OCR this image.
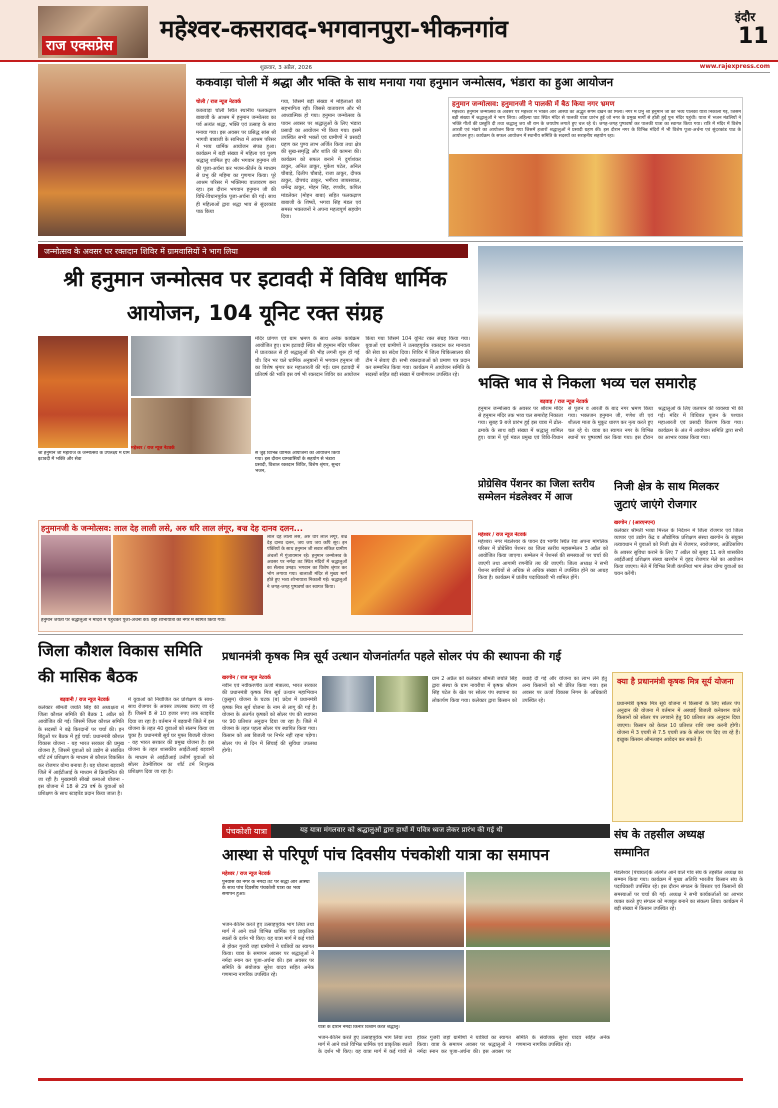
राज एक्सप्रेस
महेश्वर-कसरावद-भगवानपुरा-भीकनगांव	इंदौर
11
शुक्रवार, 3 अप्रैल, 2026	www.rajexpress.com
ककवाड़ा चोली में श्रद्धा और भक्ति के साथ मनाया गया हनुमान जन्मोत्सव, भंडारा का हुआ आयोजन
चोली / राज न्यूज नेटवर्क
ककवाड़ा चोली स्थित स्थानीय फलकढ़ाण बाबाजी के आश्रम में हनुमान जन्मोत्सव का पर्व अत्यंत श्रद्धा, भक्ति एवं उत्साह के साथ मनाया गया। इस अवसर पर प्रसिद्ध सांस श्री भागवी बाबाजी के सानिध्य में आश्रम परिसर में भव्य धार्मिक आयोजन संपन्न हुआ। कार्यक्रम में बड़ी संख्या में महिला एवं पुरुष श्रद्धालु शामिल हुए और भगवान हनुमान जी की पूजा-अर्चना कर भजन-कीर्तन के माध्यम से प्रभु की महिमा का गुणगान किया। पूरे आश्रम परिसर में भक्तिमय वातावरण बना रहा। इस दौरान भगवान हनुमान जी की विधि-विधानपूर्वक पूजा-अर्चना की गई। साथ ही महिलाओं द्वारा श्रद्धा भाव से सुंदरकांड पाठ किया
गया, जिसमें बड़ी संख्या में महिलाओं की सहभागिता रही। जिससे वातावरण और भी आध्यात्मिक हो गया। हनुमान जन्मोत्सव के पावन अवसर पर श्रद्धालुओं के लिए भंडारा प्रसादी का आयोजन भी किया गया। इसमें उपस्थित सभी भक्तों एवं ग्रामीणों ने प्रसादी ग्रहण कर पुण्य लाभ अर्जित किया तथा क्षेत्र की सुख-समृद्धि और शांति की कामना की। कार्यक्रम को सफल बनाने में दुर्गाशंकर ठाकुर, अनिल ठाकुर, मुकेश पटेल, अनिल चौबाड़े, दिलीप चौबाड़े, राजा ठाकुर, दीपक ठाकुर, दीपचंद ठाकुर, भगीरथ जायसवाल, धर्मेन्द्र ठाकुर, मोहन सिंह, रणधीर, कपिल मांडलेकर (मोहन बाबा) सहित फलकढ़ाण बाबाजी के शिष्यों, भगवा सिंह मंडल एवं समस्त भक्तजनों ने अपना महत्वपूर्ण सहयोग दिया।
हनुमान जन्मोत्सव: हनुमानजी ने पालकी में बैठ किया नगर भ्रमण
महेश्वर। हनुमान जन्मोत्सव के अवसर पर महेश्वर में भक्ति और आस्था का अद्भुत संगम देखने को मिला। नगर में प्रभु श्री हनुमान जी की भव्य पालकी यात्रा निकाली गई, जिसमें बड़ी संख्या में श्रद्धालुओं ने भाग लिया। अहिल्या घाट स्थित मंदिर से पालकी यात्रा प्रारंभ हुई जो नगर के प्रमुख मार्गों से होती हुई पुनः मंदिर पहुंची। यात्रा में भजन मंडलियों ने भक्ति गीतों की प्रस्तुति दी तथा श्रद्धालु जय श्री राम के जयघोष लगाते हुए चल रहे थे। जगह-जगह पुष्पवर्षा कर पालकी यात्रा का स्वागत किया गया। रात्रि में मंदिर में विशेष आरती एवं भंडारे का आयोजन किया गया जिसमें हजारों श्रद्धालुओं ने प्रसादी ग्रहण की। इस दौरान नगर के विभिन्न मंदिरों में भी विशेष पूजा-अर्चना एवं सुंदरकांड पाठ के आयोजन हुए। कार्यक्रम के सफल आयोजन में स्थानीय समिति के सदस्यों का सराहनीय सहयोग रहा।
जन्मोत्सव के अवसर पर रक्तदान शिविर में ग्रामवासियों ने भाग लिया
श्री हनुमान जन्मोत्सव पर इटावदी में विविध धार्मिक आयोजन, 104 यूनिट रक्त संग्रह
महेश्वर / राज न्यूज नेटवर्क
श्री हनुमान जी महाराज के जन्मोत्सव के उपलक्ष्य में ग्राम इटावदी में भक्ति और सेवा
से जुड़े विभिन्न धार्मिक आयोजनों का आयोजन किया गया। इस दौरान ग्रामवासियों के सहयोग से भंडारा प्रसादी, विशाल रक्तदान शिविर, विशेष श्रृंगार, सुन्दर भजन,
मंदिर प्रांगण एवं ग्राम भ्रमण के साथ अनेक कार्यक्रम आयोजित हुए। ग्राम इटावदी स्थित श्री हनुमान मंदिर परिसर में प्रातःकाल से ही श्रद्धालुओं की भीड़ लगनी शुरू हो गई थी। दिन भर चले धार्मिक अनुष्ठानों में भगवान हनुमान जी का विशेष श्रृंगार कर महाआरती की गई। ग्राम इटावदी में प्रतिवर्ष की भांति इस वर्ष भी रक्तदान शिविर का आयोजन किया गया जिसमें 104 यूनिट रक्त संग्रह किया गया। युवाओं एवं ग्रामीणों ने उत्साहपूर्वक रक्तदान कर मानवता की सेवा का संदेश दिया। शिविर में जिला चिकित्सालय की टीम ने सेवाएं दीं। सभी रक्तदाताओं को प्रमाण पत्र प्रदान कर सम्मानित किया गया। कार्यक्रम में आयोजन समिति के सदस्यों सहित बड़ी संख्या में ग्रामीणजन उपस्थित रहे।	भक्ति भाव से निकला भव्य चल समारोह
बड़वाह / राज न्यूज नेटवर्क
हनुमान जन्मोत्सव के अवसर पर श्रीराम मंदिर से हनुमान मंदिर तक भव्य चल समारोह निकाला गया। सुबह 9 बजे प्रारंभ हुई इस यात्रा में ढोल-ढमाके के साथ बड़ी संख्या में श्रद्धालु शामिल हुए। यात्रा में पूर्व मंडल प्रमुख एवं विधि-विधान से पूजन व आरती के बाद नगर भ्रमण किया गया। भक्तजन हनुमान जी, गणेश जी एवं शीतला माता के मुकुट धारण कर नृत्य करते हुए चल रहे थे। यात्रा का स्वागत नगर के विभिन्न स्थानों पर पुष्पवर्षा कर किया गया। इस दौरान श्रद्धालुओं के लिए जलपान की व्यवस्था भी की गई। मंदिर में विधिवत पूजन के पश्चात महाआरती एवं प्रसादी वितरण किया गया। कार्यक्रम के अंत में आयोजन समिति द्वारा सभी का आभार व्यक्त किया गया।
हनुमानजी के जन्मोत्सव: लाल देह लाली लसे, अरु धरि लाल लंगूर, बज्र देह दानव दलन...
लाल देह लाली लसे, अरु धरि लाल लंगूर, बज्र देह दानव दलन, जय जय जय कपि सूर। इन पंक्तियों के साथ हनुमान जी सवार संकित ग्रामीण अंचलों में गुंजायमान रहे। हनुमान जन्मोत्सव के अवसर पर नर्मदा तट स्थित मंदिरों में श्रद्धालुओं का सैलाब उमड़ा। भगवान का विशेष श्रृंगार कर भोग लगाया गया। बालाजी मंदिर से मुख्य मार्ग होते हुए भव्य शोभायात्रा निकाली गई। श्रद्धालुओं ने जगह-जगह पुष्पवर्षा कर स्वागत किया।
हनुमान जयंती पर श्रद्धालुओं ने मंदिरों में पहुंचकर पूजा-अर्चना की। वहीं शोभायात्रा का नगर में स्वागत किया गया।
प्रोग्रेसिव पेंशनर का जिला स्तरीय सम्मेलन मंडलेश्वर में आज
महेश्वर / राज न्यूज नेटवर्क
महेश्वर। नगर मंडलेश्वर के पावन देव भागीर स्थित रेवा अपना मांगलिक परिसर में प्रोग्रेसिव पेंशनर का जिला स्तरीय महासम्मेलन 3 अप्रैल को आयोजित किया जाएगा। सम्मेलन में पेंशनर्स की समस्याओं पर चर्चा की जाएगी तथा आगामी रणनीति तय की जाएगी। जिला अध्यक्ष ने सभी पेंशनर साथियों से अधिक से अधिक संख्या में उपस्थित होने का आग्रह किया है। कार्यक्रम में प्रांतीय पदाधिकारी भी शामिल होंगे।
निजी क्षेत्र के साथ मिलकर जुटाएं जाएंगे रोजगार
खरगोन / (आरएनएन)
कलेक्टर श्रीमती भव्या मित्तल के निर्देशन में जिला रोजगार एवं जिला व्यापार एवं उद्योग केंद्र व औद्योगिक प्रशिक्षण संस्था खरगोन के संयुक्त तत्वावधान में युवाओं को निजी क्षेत्र में रोजगार, स्वरोजगार, अप्रेंटिसशिप के अवसर सुविधा कराने के लिए 7 अप्रैल को सुबह 11 बजे शासकीय आईटीआई प्रशिक्षण संस्था खरगोन में वृहद रोजगार मेले का आयोजन किया जाएगा। मेले में विभिन्न निजी कंपनियां भाग लेकर योग्य युवाओं का चयन करेंगी।
जिला कौशल विकास समिति की मासिक बैठक
बड़वानी / राज न्यूज नेटवर्क
कलेक्टर श्रीमती जयति सिंह की अध्यक्षता में जिला कौशल समिति की बैठक 1 अप्रैल को आयोजित की गई। जिसमें जिला कौशल समिति के सदस्यों ने बढ़े किरदानों पर चर्चा की। इन बिंदुओं पर बैठक में हुई चर्चा: प्रधानमंत्री कौशल विकास योजना - यह भारत सरकार की प्रमुख योजना है, जिसमें युवाओं को उद्योग से संबंधित शॉर्ट टर्म प्रशिक्षण के माध्यम से कौशल विकसित कर रोजगार योग्य बनाया है। यह योजना बड़वानी जिले में आईटीआई के माध्यम से क्रियान्वित की जा रही है। मुख्यमंत्री सीखो कमाओ योजना - इस योजना में 18 से 29 वर्ष के युवाओं को प्रशिक्षण के साथ स्टाइपेंड प्रदान किया जाता है।
में युवाओं को नियोजित कर प्रशिक्षण के साथ-साथ रोजगार के अवसर उपलब्ध कराए जा रहे हैं। जिसमें 8 से 10 हजार रुपए तक स्टाइपेंड दिया जा रहा है। वर्तमान में बड़वानी जिले में इस योजना के तहत 40 युवाओं को संलग्न किया जा चुका है। प्रधानमंत्री सूर्य घर मुफ्त बिजली योजना - यह भारत सरकार की प्रमुख योजना है। इस योजना के तहत शासकीय आईटीआई बड़वानी के माध्यम से आईटीआई उत्तीर्ण युवाओं को सोलर टेक्नीशियन का शॉर्ट टर्म निःशुल्क प्रशिक्षण दिया जा रहा है।
प्रधानमंत्री कृषक मित्र सूर्य उत्थान योजनांतर्गत पहले सोलर पंप की स्थापना की गई
खरगोन / राज न्यूज नेटवर्क
नवीन एवं नवीकरणीय ऊर्जा मंत्रालय, भारत सरकार की प्रधानमंत्री कृषक मित्र सूर्य उत्थान महाभियान (कुसुम) योजना के घटक (ब) प्रदेश में प्रधानमंत्री कृषक मित्र सूर्य योजना के नाम से लागू की गई है। योजना के अंतर्गत कृषकों को सोलर पंप की स्थापना पर 90 प्रतिशत अनुदान दिया जा रहा है। जिले में योजना के तहत पहला सोलर पंप स्थापित किया गया। किसान को अब बिजली पर निर्भर नहीं रहना पड़ेगा। सोलर पंप से दिन में सिंचाई की सुविधा उपलब्ध होगी।
ग्राम 2 अप्रैल को कलेक्टर श्रीमती जयति सिंह द्वारा संस्था के ग्राम नावरीया में कृषक श्रीराम सिंह पटेल के खेत पर सोलर पंप स्थापना का लोकार्पण किया गया। कलेक्टर द्वारा किसान को बधाई दी गई और योजना का लाभ लेने हेतु अन्य किसानों को भी प्रेरित किया गया। इस अवसर पर ऊर्जा विकास निगम के अधिकारी उपस्थित रहे।
क्या है प्रधानमंत्री कृषक मित्र सूर्य योजना
प्रधानमंत्री कृषक मित्र सूर्य योजना में किसानों के लिए सोलर पंप अनुदान की योजना में वर्तमान में अस्थाई बिजली कनेक्शन वाले किसानों को सोलर पंप लगवाने हेतु 90 प्रतिशत तक अनुदान दिया जाएगा। किसान को केवल 10 प्रतिशत राशि जमा करनी होगी। योजना में 3 एचपी से 7.5 एचपी तक के सोलर पंप दिए जा रहे हैं। इच्छुक किसान ऑनलाइन आवेदन कर सकते हैं।
पंचकोशी यात्रा	यह यात्रा मंगलवार को श्रद्धालुओं द्वारा हाथों में पवित्र ध्वज लेकर प्रारंभ की गई थी
आस्था से परिपूर्ण पांच दिवसीय पंचकोशी यात्रा का समापन
महेश्वर / राज न्यूज नेटवर्क
पुनर्वास को नगर के नर्मदा तट पर श्रद्धा और आस्था के साथ पांच दिवसीय पंचकोशी यात्रा का भव्य समापन हुआ।
भजन-कीर्तन करते हुए उत्साहपूर्वक भाग लिया तथा मार्ग में आने वाले विभिन्न धार्मिक एवं प्राकृतिक स्थलों के दर्शन भी किए। यह यात्रा मार्ग में कई गांवों से होकर गुजरी जहां ग्रामीणों ने यात्रियों का स्वागत किया। यात्रा के समापन अवसर पर श्रद्धालुओं ने नर्मदा स्नान कर पूजा-अर्चना की। इस अवसर पर समिति के संयोजक सुरेश यादव सहित अनेक गणमान्य नागरिक उपस्थित रहे।
यात्रा के दौरान नर्मदा किनारे विश्राम करते श्रद्धालु।
भजन-कीर्तन करते हुए उत्साहपूर्वक भाग लिया तथा मार्ग में आने वाले विभिन्न धार्मिक एवं प्राकृतिक स्थलों के दर्शन भी किए। यह यात्रा मार्ग में कई गांवों से होकर गुजरी जहां ग्रामीणों ने यात्रियों का स्वागत किया। यात्रा के समापन अवसर पर श्रद्धालुओं ने नर्मदा स्नान कर पूजा-अर्चना की। इस अवसर पर समिति के संयोजक सुरेश यादव सहित अनेक गणमान्य नागरिक उपस्थित रहे।
संघ के तहसील अध्यक्ष सम्मानित
मंडलेश्वर (पंचायत)के अंतर्गत आने वाले गांव संघ के तहसील अध्यक्ष का सम्मान किया गया। कार्यक्रम में मुख्य अतिथि भारतीय किसान संघ के पदाधिकारी उपस्थित रहे। इस दौरान संगठन के विस्तार एवं किसानों की समस्याओं पर चर्चा की गई। अध्यक्ष ने सभी कार्यकर्ताओं का आभार व्यक्त करते हुए संगठन को मजबूत बनाने का संकल्प लिया। कार्यक्रम में बड़ी संख्या में किसान उपस्थित रहे।
